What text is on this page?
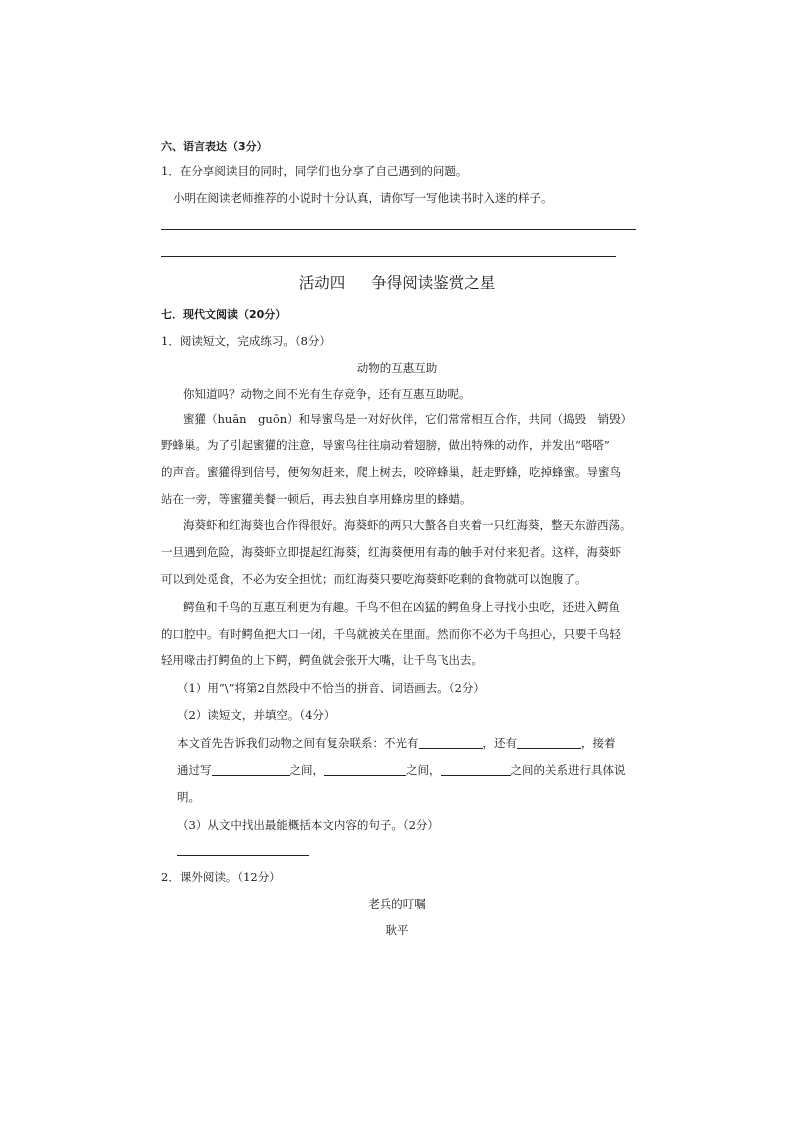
六、语言表达（3分）
1．在分享阅读目的同时，同学们也分享了自己遇到的问题。
小明在阅读老师推荐的小说时十分认真，请你写一写他读书时入迷的样子。
活动四 争得阅读鉴赏之星
七．现代文阅读（20分）
1．阅读短文，完成练习。（8分）
动物的互惠互助
你知道吗？动物之间不光有生存竞争，还有互惠互助呢。
蜜獾（huān　guōn）和导蜜鸟是一对好伙伴，它们常常相互合作，共同（捣毁　销毁）
野蜂巢。为了引起蜜獾的注意，导蜜鸟往往扇动着翅膀，做出特殊的动作，并发出“嗒嗒”
的声音。蜜獾得到信号，便匆匆赶来，爬上树去，咬碎蜂巢，赶走野蜂，吃掉蜂蜜。导蜜鸟
站在一旁，等蜜獾美餐一顿后，再去独自享用蜂房里的蜂蜡。
海葵虾和红海葵也合作得很好。海葵虾的两只大螯各自夹着一只红海葵，整天东游西荡。
一旦遇到危险，海葵虾立即提起红海葵，红海葵便用有毒的触手对付来犯者。这样，海葵虾
可以到处觅食，不必为安全担忧；而红海葵只要吃海葵虾吃剩的食物就可以饱腹了。
鳄鱼和千鸟的互惠互利更为有趣。千鸟不但在凶猛的鳄鱼身上寻找小虫吃，还进入鳄鱼
的口腔中。有时鳄鱼把大口一闭，千鸟就被关在里面。然而你不必为千鸟担心，只要千鸟轻
轻用喙击打鳄鱼的上下鳄，鳄鱼就会张开大嘴，让千鸟飞出去。
（1）用“\”将第2自然段中不恰当的拼音、词语画去。（2分）
（2）读短文，并填空。（4分）
本文首先告诉我们动物之间有复杂联系：不光有	，还有	，接着
通过写	之间，	之间，	之间的关系进行具体说
明。
（3）从文中找出最能概括本文内容的句子。（2分）
2．课外阅读。（12分）
老兵的叮嘱
耿平
